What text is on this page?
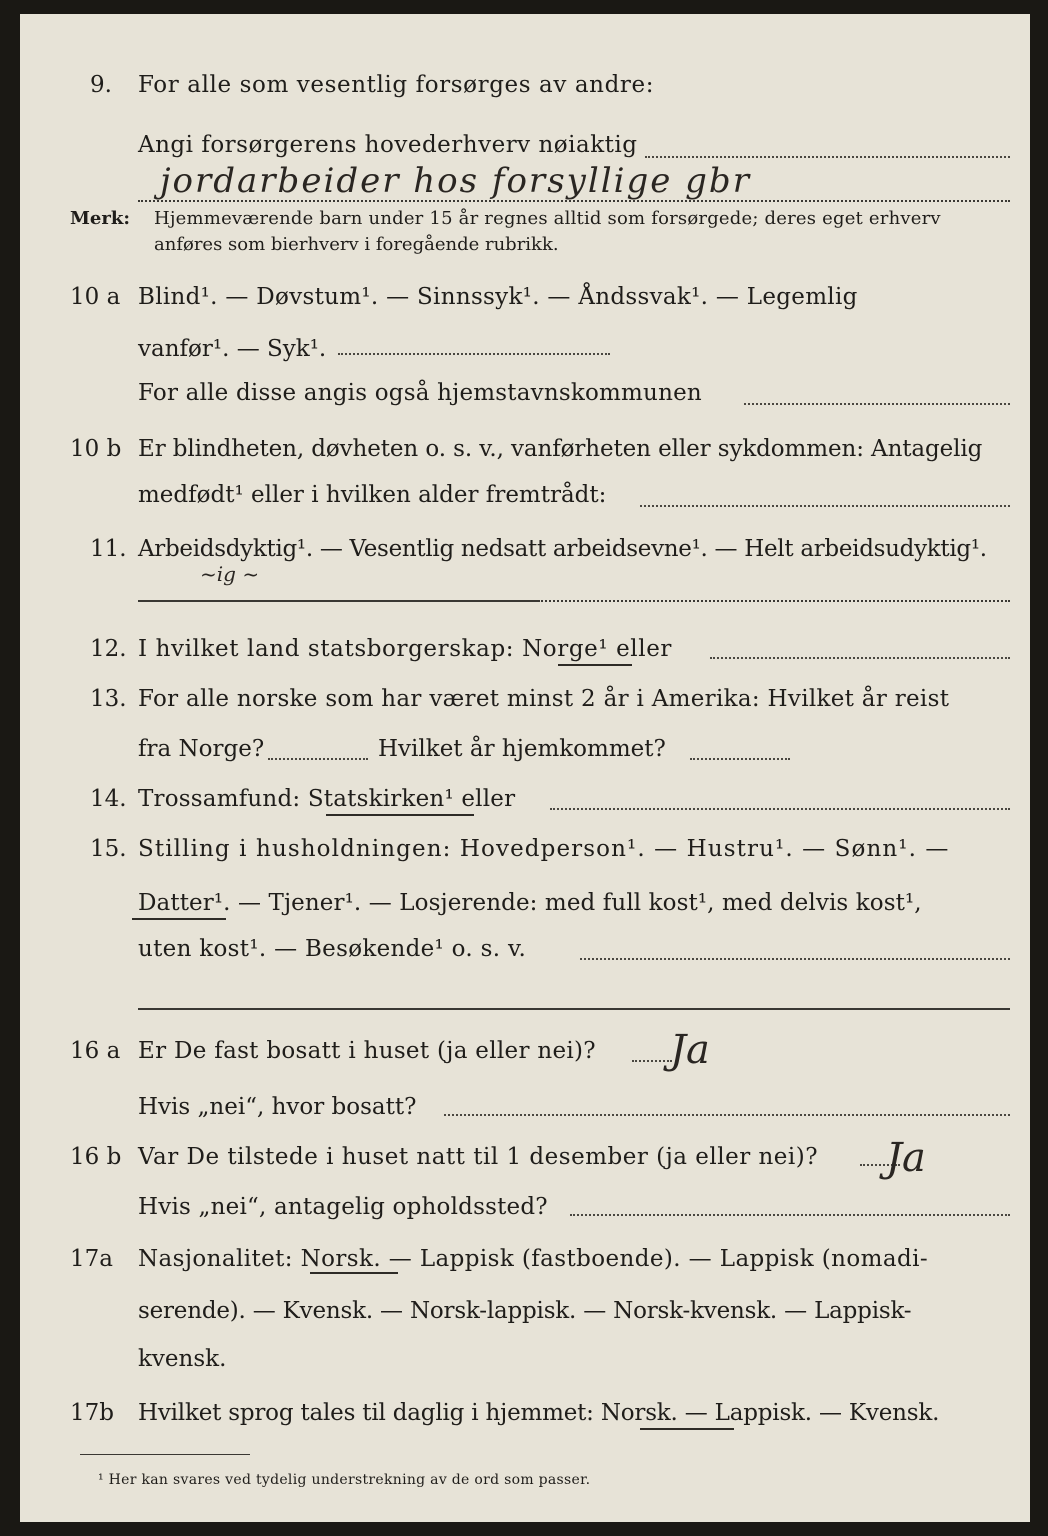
9. For alle som vesentlig forsørges av andre:
Angi forsørgerens hovederhverv nøiaktig
jordarbeider hos forsyllige gbr
Merk: Hjemmeværende barn under 15 år regnes alltid som forsørgede; deres eget erhverv
anføres som bierhverv i foregående rubrikk.
10 a Blind¹. — Døvstum¹. — Sinnssyk¹. — Åndssvak¹. — Legemlig
vanfør¹. — Syk¹.
For alle disse angis også hjemstavnskommunen
10 b Er blindheten, døvheten o. s. v., vanførheten eller sykdommen: Antagelig
medfødt¹ eller i hvilken alder fremtrådt:
11. Arbeidsdyktig¹. — Vesentlig nedsatt arbeidsevne¹. — Helt arbeidsudyktig¹.
~ig ~
12. I hvilket land statsborgerskap: Norge¹ eller
13. For alle norske som har været minst 2 år i Amerika: Hvilket år reist
fra Norge?	Hvilket år hjemkommet?
14. Trossamfund: Statskirken¹ eller
15. Stilling i husholdningen: Hovedperson¹. — Hustru¹. — Sønn¹. —
Datter¹. — Tjener¹. — Losjerende: med full kost¹, med delvis kost¹,
uten kost¹. — Besøkende¹ o. s. v.
16 a Er De fast bosatt i huset (ja eller nei)? Ja
Hvis „nei“, hvor bosatt?
16 b Var De tilstede i huset natt til 1 desember (ja eller nei)? Ja
Hvis „nei“, antagelig opholdssted?
17a Nasjonalitet: Norsk. — Lappisk (fastboende). — Lappisk (nomadi-
serende). — Kvensk. — Norsk-lappisk. — Norsk-kvensk. — Lappisk-
kvensk.
17b Hvilket sprog tales til daglig i hjemmet: Norsk. — Lappisk. — Kvensk.
¹ Her kan svares ved tydelig understrekning av de ord som passer.
